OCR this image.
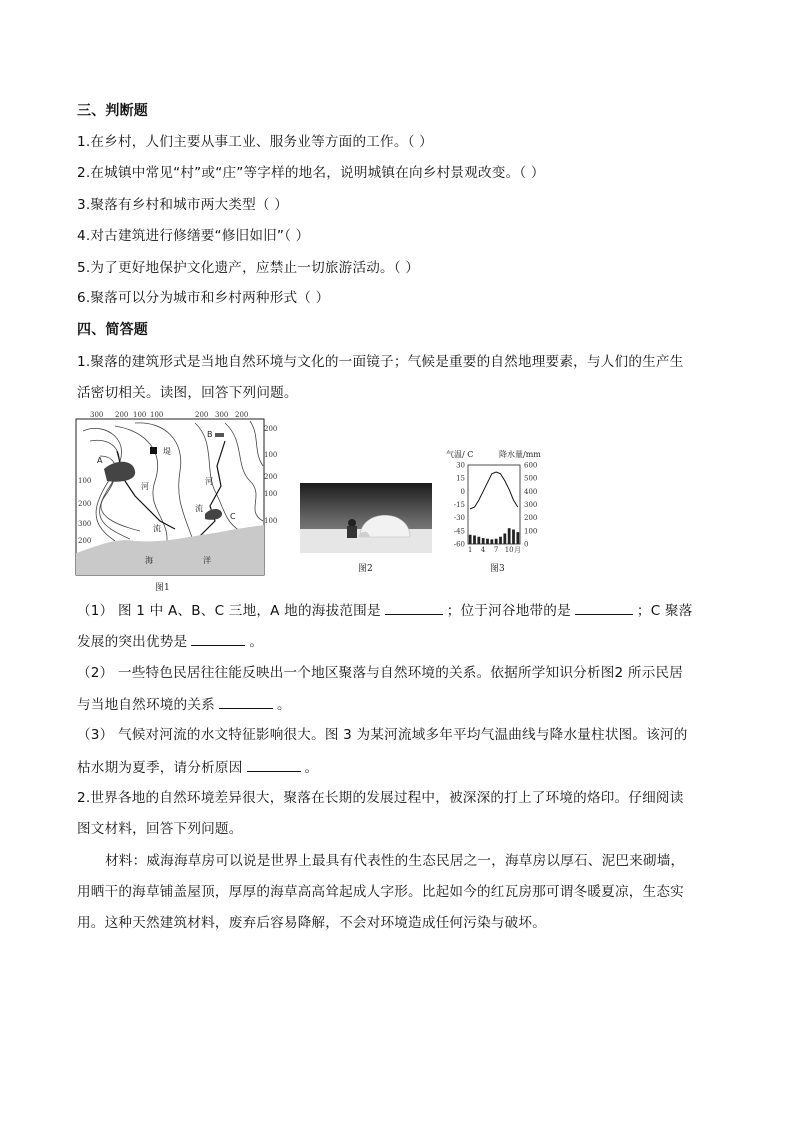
三、判断题
1.在乡村，人们主要从事工业、服务业等方面的工作。（ ）
2.在城镇中常见“村”或“庄”等字样的地名，说明城镇在向乡村景观改变。（ ）
3.聚落有乡村和城市两大类型（ ）
4.对古建筑进行修缮要“修旧如旧”（ ）
5.为了更好地保护文化遗产，应禁止一切旅游活动。（ ）
6.聚落可以分为城市和乡村两种形式（ ）
四、简答题
1.聚落的建筑形式是当地自然环境与文化的一面镜子；气候是重要的自然地理要素，与人们的生产生
活密切相关。读图，回答下列问题。
300 200 100 100	200 300 200
200
100
200
100
100
100
200
300
200
A
B
C
堤
河
流
河
流
海	洋
图1
图2
气温/ C	降水量/mm
30
15
0
-15
-30
-45
-60
600
500
400
300
200
100
0
1 4 7 10 月
图3
（1） 图 1 中 A、B、C 三地，A 地的海拔范围是	；位于河谷地带的是	；C 聚落
发展的突出优势是	。
（2） 一些特色民居往往能反映出一个地区聚落与自然环境的关系。依据所学知识分析图2 所示民居
与当地自然环境的关系	。
（3） 气候对河流的水文特征影响很大。图 3 为某河流域多年平均气温曲线与降水量柱状图。该河的
枯水期为夏季，请分析原因	。
2.世界各地的自然环境差异很大，聚落在长期的发展过程中，被深深的打上了环境的烙印。仔细阅读
图文材料，回答下列问题。
材料：威海海草房可以说是世界上最具有代表性的生态民居之一，海草房以厚石、泥巴来砌墙，
用晒干的海草铺盖屋顶，厚厚的海草高高耸起成人字形。比起如今的红瓦房那可谓冬暖夏凉，生态实
用。这种天然建筑材料，废弃后容易降解，不会对环境造成任何污染与破坏。
